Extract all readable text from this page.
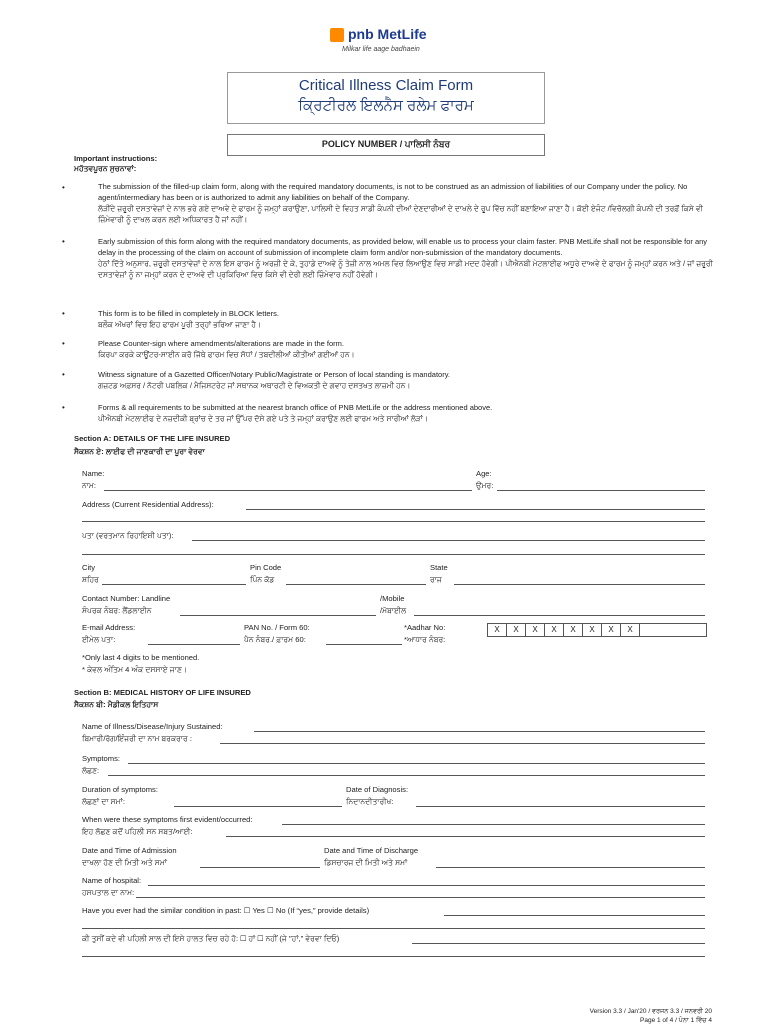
pnb MetLife
Milkar life aage badhaein
Critical Illness Claim Form
ਕ੍ਰਿਟੀਰਲ ਇਲਨੈਸ ਰਲੇਮ ਫਾਰਮ
POLICY NUMBER / ਪਾਲਿਸੀ ਨੰਬਰ
Important instructions:
ਮਹੱਤਵਪੂਰਨ ਸੁਚਨਾਵਾਂ:
•	The submission of the filled-up claim form, along with the required mandatory documents, is not to be construed as an admission of liabilities of our Company under the policy. No agent/intermediary has been or is authorized to admit any liabilities on behalf of the Company.
ਲੋੜੀਂਦੇ ਜ਼ਰੂਰੀ ਦਸਤਾਵੇਜ਼ਾਂ ਦੇ ਨਾਲ ਭਰੇ ਗਏ ਦਾਅਵੇ ਦੇ ਫਾਰਮ ਨੂੰ ਜਮ੍ਹਾਂ ਕਰਾਉਣਾ, ਪਾਲਿਸੀ ਦੇ ਵਿਹਤ ਸਾਡੀ ਕੰਪਨੀ ਦੀਆਂ ਦੇਣਦਾਰੀਆਂ ਦੇ ਦਾਖਲੇ ਦੇ ਰੂਪ ਵਿੱਚ ਨਹੀਂ ਬਣਾਇਆ ਜਾਣਾ ਹੈ। ਕੋਈ ਏਜੰਟ /ਵਿਚੋਲਗੀ ਕੰਪਨੀ ਦੀ ਤਰਫ਼ੋਂ ਕਿਸੇ ਵੀ ਜ਼ਿੰਮੇਵਾਰੀ ਨੂੰ ਦਾਖਲ ਕਰਨ ਲਈ ਅਧਿਕਾਰਤ ਹੈ ਜਾਂ ਨਹੀਂ।
•	Early submission of this form along with the required mandatory documents, as provided below, will enable us to process your claim faster. PNB MetLife shall not be responsible for any delay in the processing of the claim on account of submission of incomplete claim form and/or non-submission of the mandatory documents.
ਹੇਠਾਂ ਦਿੱਤੇ ਅਨੁਸਾਰ, ਜ਼ਰੂਰੀ ਦਸਤਾਵੇਜ਼ਾਂ ਦੇ ਨਾਲ ਇਸ ਫਾਰਮ ਨੂੰ ਅਰਜ਼ੀ ਦੇ ਕੇ, ਤੁਹਾਡੇ ਦਾਅਵੇ ਨੂੰ ਤੇਜ਼ੀ ਨਾਲ ਅਮਲ ਵਿਚ ਲਿਆਉਣ ਵਿਚ ਸਾਡੀ ਮਦਦ ਹੋਵੇਗੀ। ਪੀਐਨਬੀ ਮੇਟਲਾਈਫ ਅਧੂਰੇ ਦਾਅਵੇ ਦੇ ਫਾਰਮ ਨੂੰ ਜਮ੍ਹਾਂ ਕਰਨ ਅਤੇ / ਜਾਂ ਜ਼ਰੂਰੀ ਦਸਤਾਵੇਜ਼ਾਂ ਨੂੰ ਨਾ ਜਮ੍ਹਾਂ ਕਰਨ ਦੇ ਦਾਅਵੇ ਦੀ ਪ੍ਰਕਿਰਿਆ ਵਿਚ ਕਿਸੇ ਵੀ ਦੇਰੀ ਲਈ ਜ਼ਿੰਮੇਵਾਰ ਨਹੀਂ ਹੋਵੇਗੀ।
•	This form is to be filled in completely in BLOCK letters.
ਬਲੌਕ ਅੱਖਰਾਂ ਵਿਚ ਇਹ ਫਾਰਮ ਪੂਰੀ ਤਰ੍ਹਾਂ ਭਰਿਆ ਜਾਣਾ ਹੈ।
•	Please Counter-sign where amendments/alterations are made in the form.
ਕਿਰਪਾ ਕਰਕੇ ਕਾਊਂਟਰ-ਸਾਈਨ ਕਰੋ ਜਿੱਥੇ ਫਾਰਮ ਵਿਚ ਸੋਧਾਂ / ਤਬਦੀਲੀਆਂ ਕੀਤੀਆਂ ਗਈਆਂ ਹਨ।
•	Witness signature of a Gazetted Officer/Notary Public/Magistrate or Person of local standing is mandatory.
ਗਜ਼ਟਡ ਅਫ਼ਸਰ / ਨੋਟਰੀ ਪਬਲਿਕ / ਮੈਜਿਸਟਰੇਟ ਜਾਂ ਸਥਾਨਕ ਅਥਾਰਟੀ ਦੇ ਵਿਅਕਤੀ ਦੇ ਗਵਾਹ ਦਸਤਖਤ ਲਾਜ਼ਮੀ ਹਨ।
•	Forms & all requirements to be submitted at the nearest branch office of PNB MetLife or the address mentioned above.
ਪੀਐਨਬੀ ਮੇਟਲਾਈਫ ਦੇ ਨਜ਼ਦੀਕੀ ਬ੍ਰਾਂਚ ਦੇ ਤਰ ਜਾਂ ਉੱਪਰ ਦੱਸੇ ਗਏ ਪਤੇ ਤੇ ਜਮ੍ਹਾਂ ਕਰਾਉਣ ਲਈ ਫਾਰਮ ਅਤੇ ਸਾਰੀਆਂ ਲੋੜਾਂ।
Section A: DETAILS OF THE LIFE INSURED
ਸੈਕਸ਼ਨ ਏ: ਲਾਈਫ ਦੀ ਜਾਣਕਾਰੀ ਦਾ ਪੂਰਾ ਵੇਰਵਾ
Name:
ਨਾਮ:
Age:
ਉਮਰ:
Address (Current Residential Address):
ਪਤਾ (ਵਰਤਮਾਨ ਰਿਹਾਇਸ਼ੀ ਪਤਾ):
City
ਸ਼ਹਿਰ
Pin Code
ਪਿੰਨ ਕੋਡ
State
ਰਾਜ
Contact Number: Landline
ਸੰਪਰਕ ਨੰਬਰ: ਲੈਂਡਲਾਈਨ
/Mobile
/ਮੋਬਾਈਲ
E-mail Address:
ਈਮੇਲ ਪਤਾ:
PAN No. / Form 60:
ਪੈਨ ਨੰਬਰ./ ਫ਼ਾਰਮ 60:
*Aadhar No:
*ਆਧਾਰ ਨੰਬਰ:
X	X	X	X	X	X	X	X
*Only last 4 digits to be mentioned.
* ਕੇਵਲ ਅੰਤਿਮ 4 ਅੰਕ ਦਸਸਾਏ ਜਾਣ।
Section B: MEDICAL HISTORY OF LIFE INSURED
ਸੈਕਸ਼ਨ ਬੀ: ਮੈਡੀਕਲ ਇਤਿਹਾਸ
Name of Illness/Disease/Injury Sustained:
ਬਿਮਾਰੀ/ਰੋਗ/ਇੰਜਰੀ ਦਾ ਨਾਮ ਬਰਕਰਾਰ :
Symptoms:
ਲੱਛਣ:
Duration of symptoms:
ਲੱਛਣਾਂ ਦਾ ਸਮਾਂ:
Date of Diagnosis:
ਨਿਦਾਨਦੀਤਾਰੀਖ:
When were these symptoms first evident/occurred:
ਇਹ ਲੱਛਣ ਕਦੋਂ ਪਹਿਲੀ ਸਨ ਸਬਤ/ਆਈ:
Date and Time of Admission
ਦਾਖਲਾ ਹੋਣ ਦੀ ਮਿਤੀ ਅਤੇ ਸਮਾਂ
Date and Time of Discharge
ਡਿਸਚਾਰਜ ਦੀ ਮਿਤੀ ਅਤੇ ਸਮਾਂ
Name of hospital:
ਹਸਪਤਾਲ ਦਾ ਨਾਮ:
Have you ever had the similar condition in past: ☐ Yes ☐ No (If “yes,” provide details)
ਕੀ ਤੁਸੀਂ ਕਦੇ ਵੀ ਪਹਿਲੀ ਸਾਲ ਦੀ ਇਸੇ ਹਾਲਤ ਵਿਚ ਰਹੇ ਹੋ: ☐ ਹਾਂ ☐ ਨਹੀਂ (ਜੇ "ਹਾਂ," ਵੇਰਵਾ ਦਿਓ)
Version 3.3 / Jan'20 / ਵਰਜਨ 3.3 / ਜਨਵਰੀ 20
Page 1 of 4 / ਪੰਨਾ 1 ਵਿੱਚ 4
